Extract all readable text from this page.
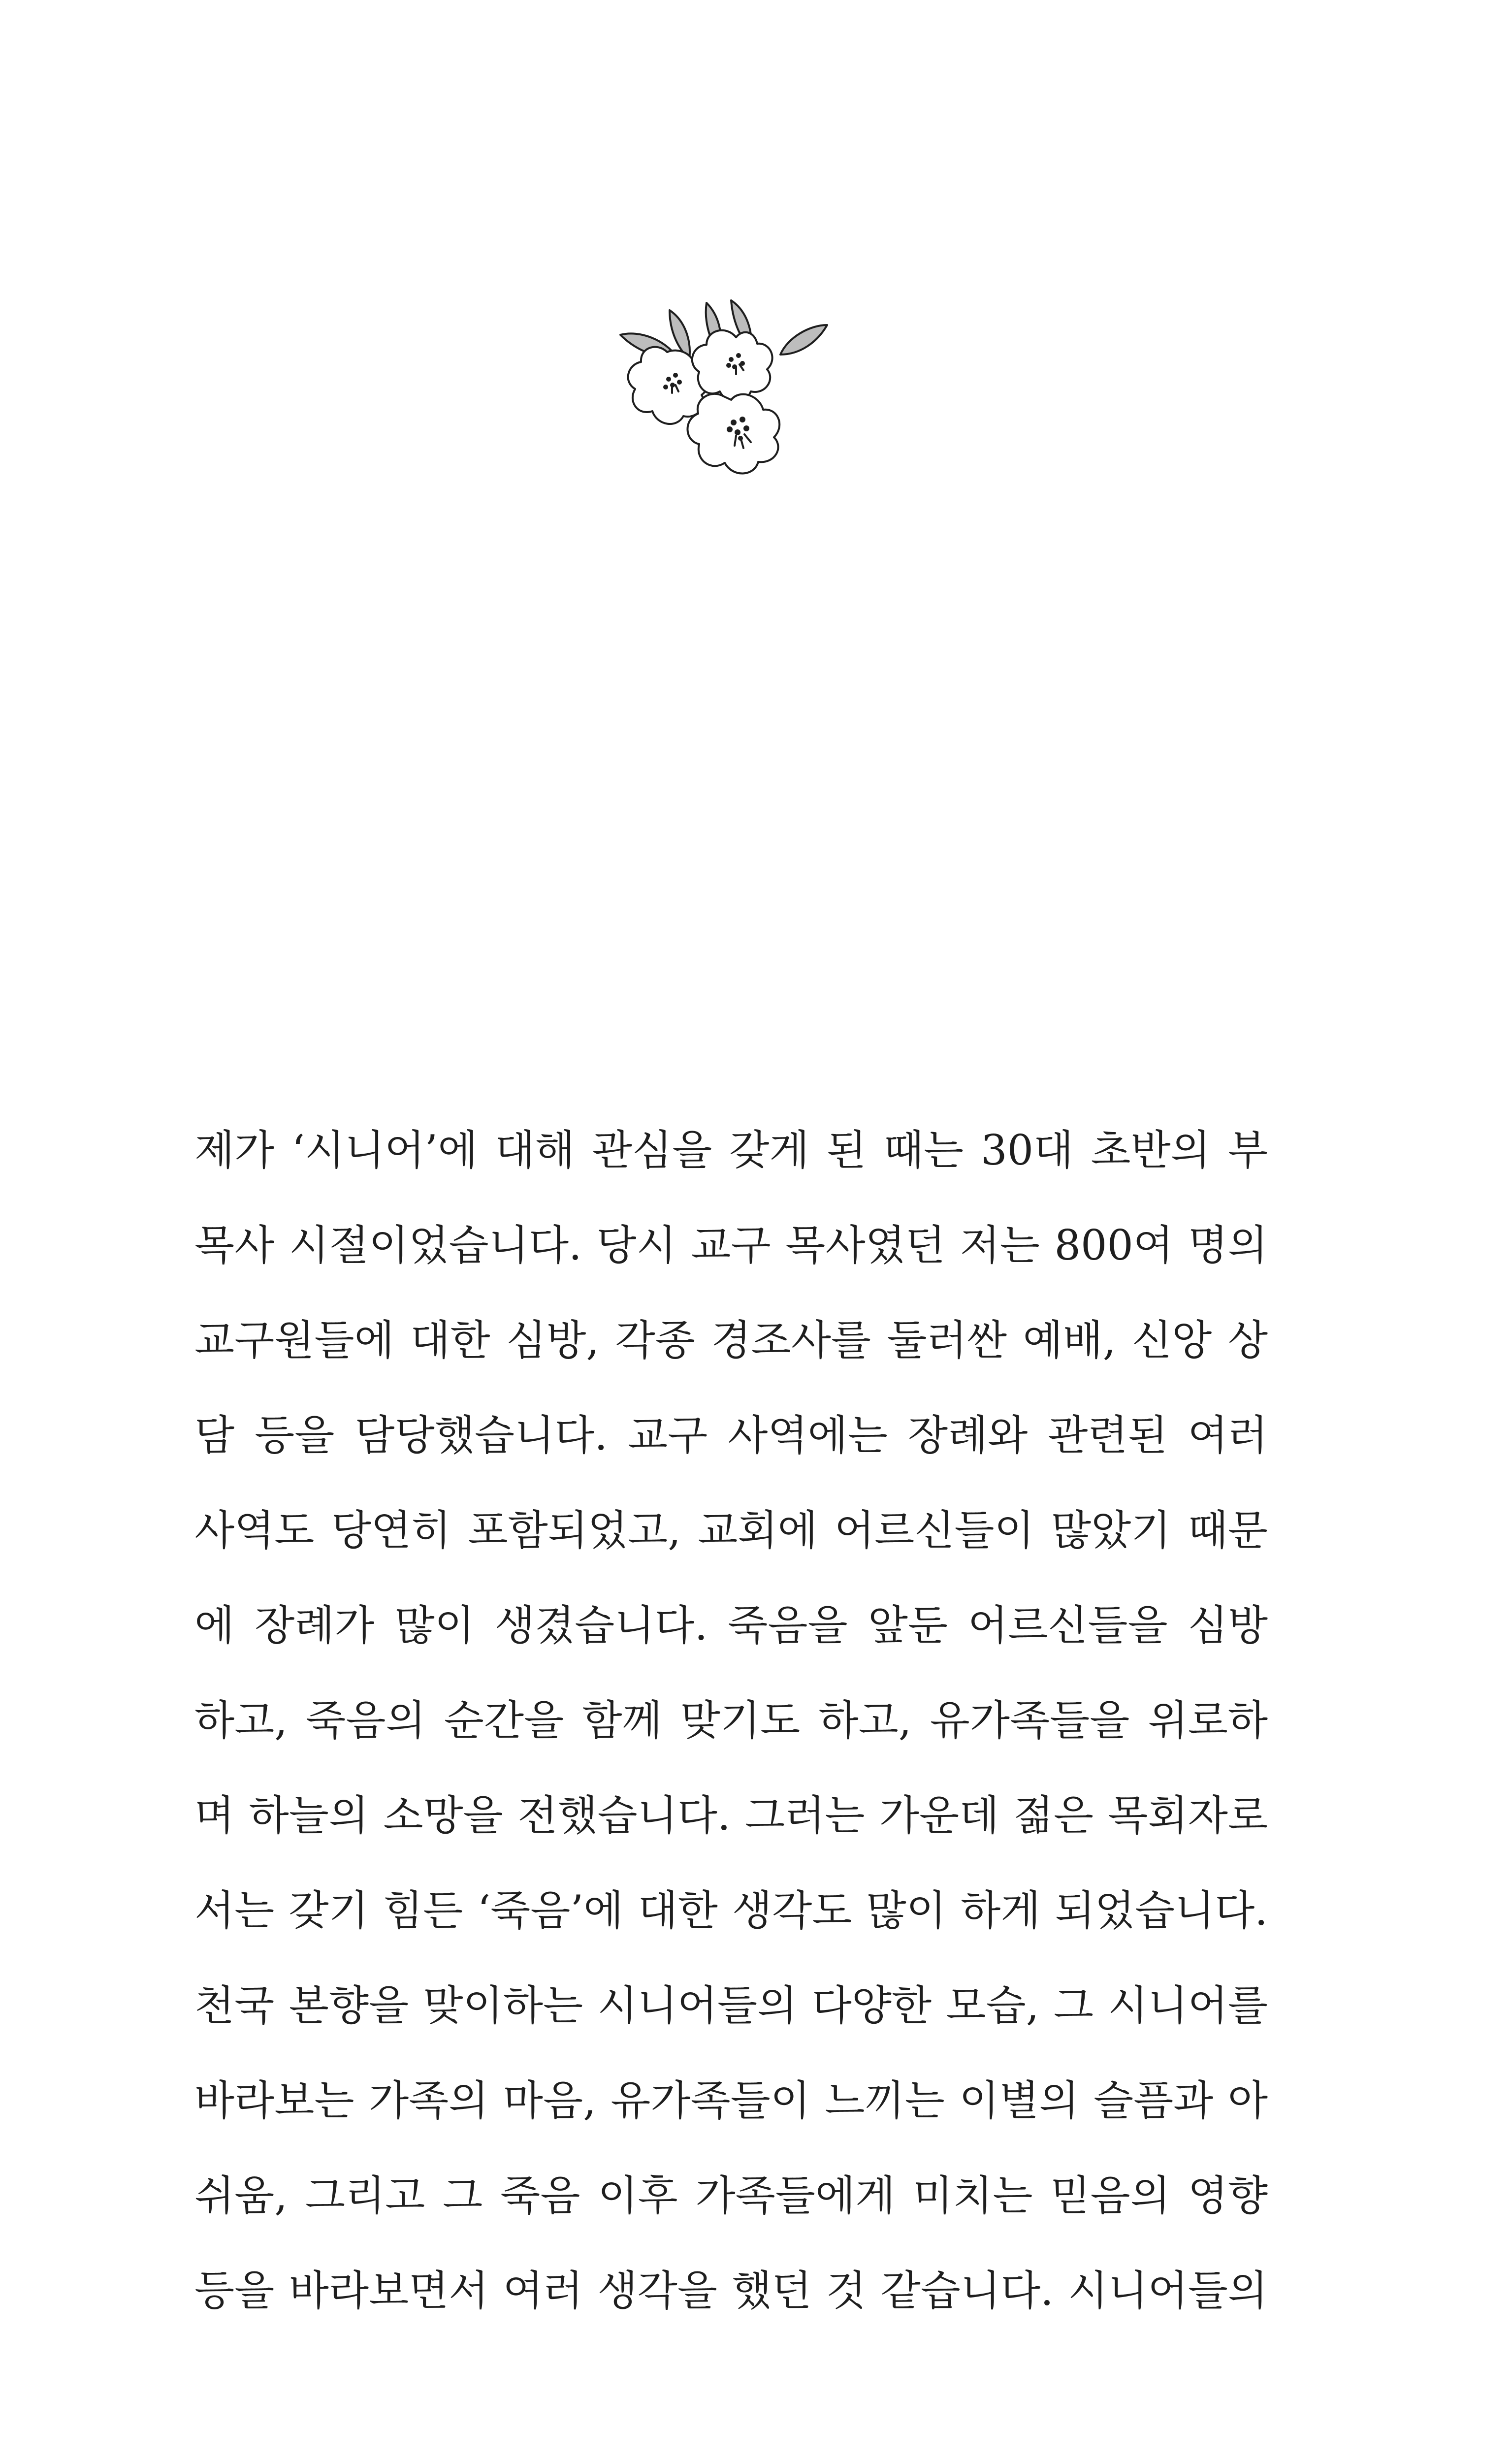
제가 ‘시니어’에 대해 관심을 갖게 된 때는 30대 초반의 부
목사 시절이었습니다. 당시 교구 목사였던 저는 800여 명의
교구원들에 대한 심방, 각종 경조사를 둘러싼 예배, 신앙 상
담 등을 담당했습니다. 교구 사역에는 장례와 관련된 여러
사역도 당연히 포함되었고, 교회에 어르신들이 많았기 때문
에 장례가 많이 생겼습니다. 죽음을 앞둔 어르신들을 심방
하고, 죽음의 순간을 함께 맞기도 하고, 유가족들을 위로하
며 하늘의 소망을 전했습니다. 그러는 가운데 젊은 목회자로
서는 갖기 힘든 ‘죽음’에 대한 생각도 많이 하게 되었습니다.
천국 본향을 맞이하는 시니어들의 다양한 모습, 그 시니어를
바라보는 가족의 마음, 유가족들이 느끼는 이별의 슬픔과 아
쉬움, 그리고 그 죽음 이후 가족들에게 미치는 믿음의 영향
등을 바라보면서 여러 생각을 했던 것 같습니다. 시니어들의
